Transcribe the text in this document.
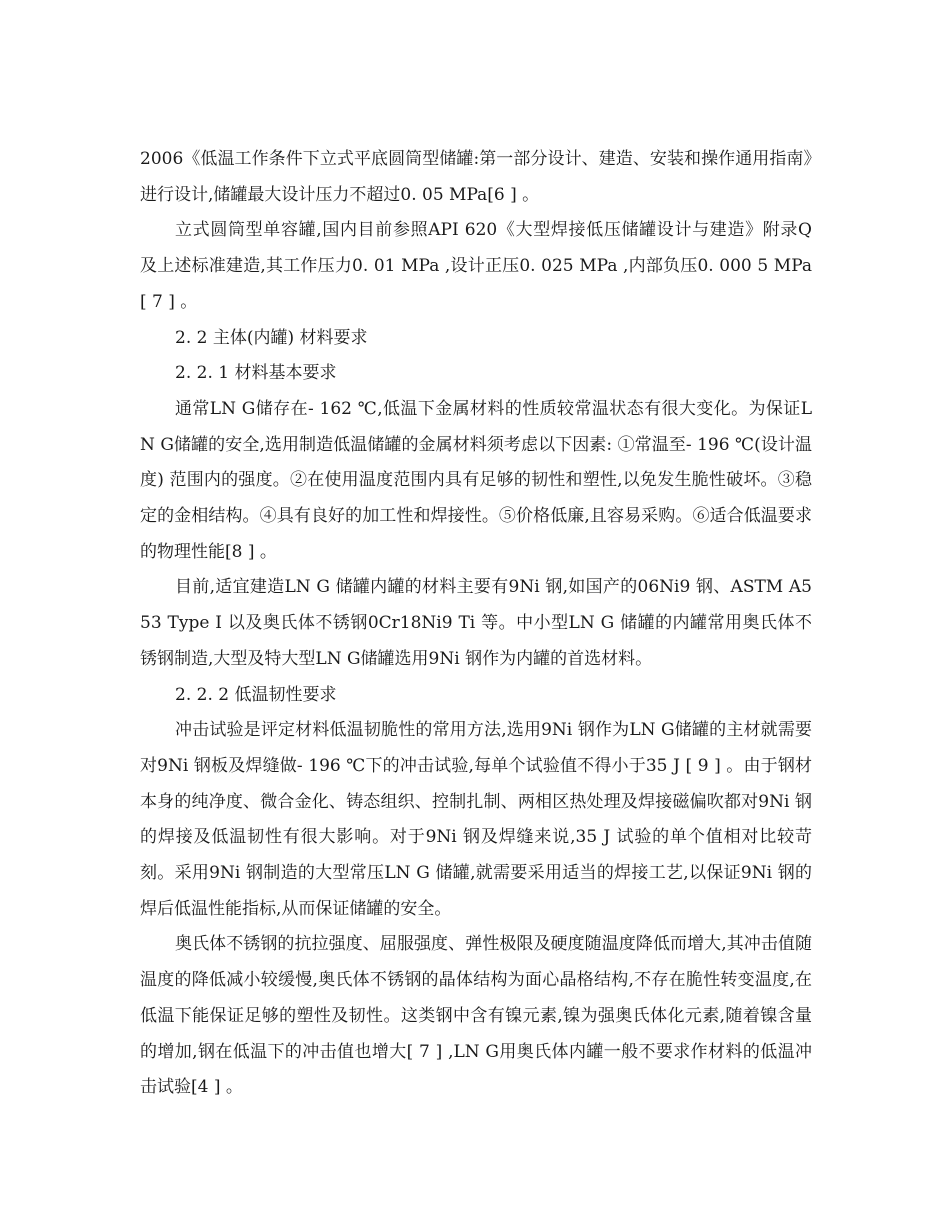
2006《低温工作条件下立式平底圆筒型储罐:第一部分设计、建造、安装和操作通用指南》进行设计,储罐最大设计压力不超过0. 05 MPa[6 ] 。

立式圆筒型单容罐,国内目前参照API 620《大型焊接低压储罐设计与建造》附录Q 及上述标准建造,其工作压力0. 01 MPa ,设计正压0. 025 MPa ,内部负压0. 000 5 MPa[ 7 ] 。

2. 2 主体(内罐) 材料要求

2. 2. 1 材料基本要求

通常LN G储存在- 162 ℃,低温下金属材料的性质较常温状态有很大变化。为保证LN G储罐的安全,选用制造低温储罐的金属材料须考虑以下因素: ①常温至- 196 ℃(设计温度) 范围内的强度。②在使用温度范围内具有足够的韧性和塑性,以免发生脆性破坏。③稳定的金相结构。④具有良好的加工性和焊接性。⑤价格低廉,且容易采购。⑥适合低温要求的物理性能[8 ] 。

目前,适宜建造LN G 储罐内罐的材料主要有9Ni 钢,如国产的06Ni9 钢、ASTM A553 Type I 以及奥氏体不锈钢0Cr18Ni9 Ti 等。中小型LN G 储罐的内罐常用奥氏体不锈钢制造,大型及特大型LN G储罐选用9Ni 钢作为内罐的首选材料。

2. 2. 2 低温韧性要求

冲击试验是评定材料低温韧脆性的常用方法,选用9Ni 钢作为LN G储罐的主材就需要对9Ni 钢板及焊缝做- 196 ℃下的冲击试验,每单个试验值不得小于35 J [ 9 ] 。由于钢材本身的纯净度、微合金化、铸态组织、控制扎制、两相区热处理及焊接磁偏吹都对9Ni 钢的焊接及低温韧性有很大影响。对于9Ni 钢及焊缝来说,35 J 试验的单个值相对比较苛刻。采用9Ni 钢制造的大型常压LN G 储罐,就需要采用适当的焊接工艺,以保证9Ni 钢的焊后低温性能指标,从而保证储罐的安全。

奥氏体不锈钢的抗拉强度、屈服强度、弹性极限及硬度随温度降低而增大,其冲击值随温度的降低减小较缓慢,奥氏体不锈钢的晶体结构为面心晶格结构,不存在脆性转变温度,在低温下能保证足够的塑性及韧性。这类钢中含有镍元素,镍为强奥氏体化元素,随着镍含量的增加,钢在低温下的冲击值也增大[ 7 ] ,LN G用奥氏体内罐一般不要求作材料的低温冲击试验[4 ] 。
